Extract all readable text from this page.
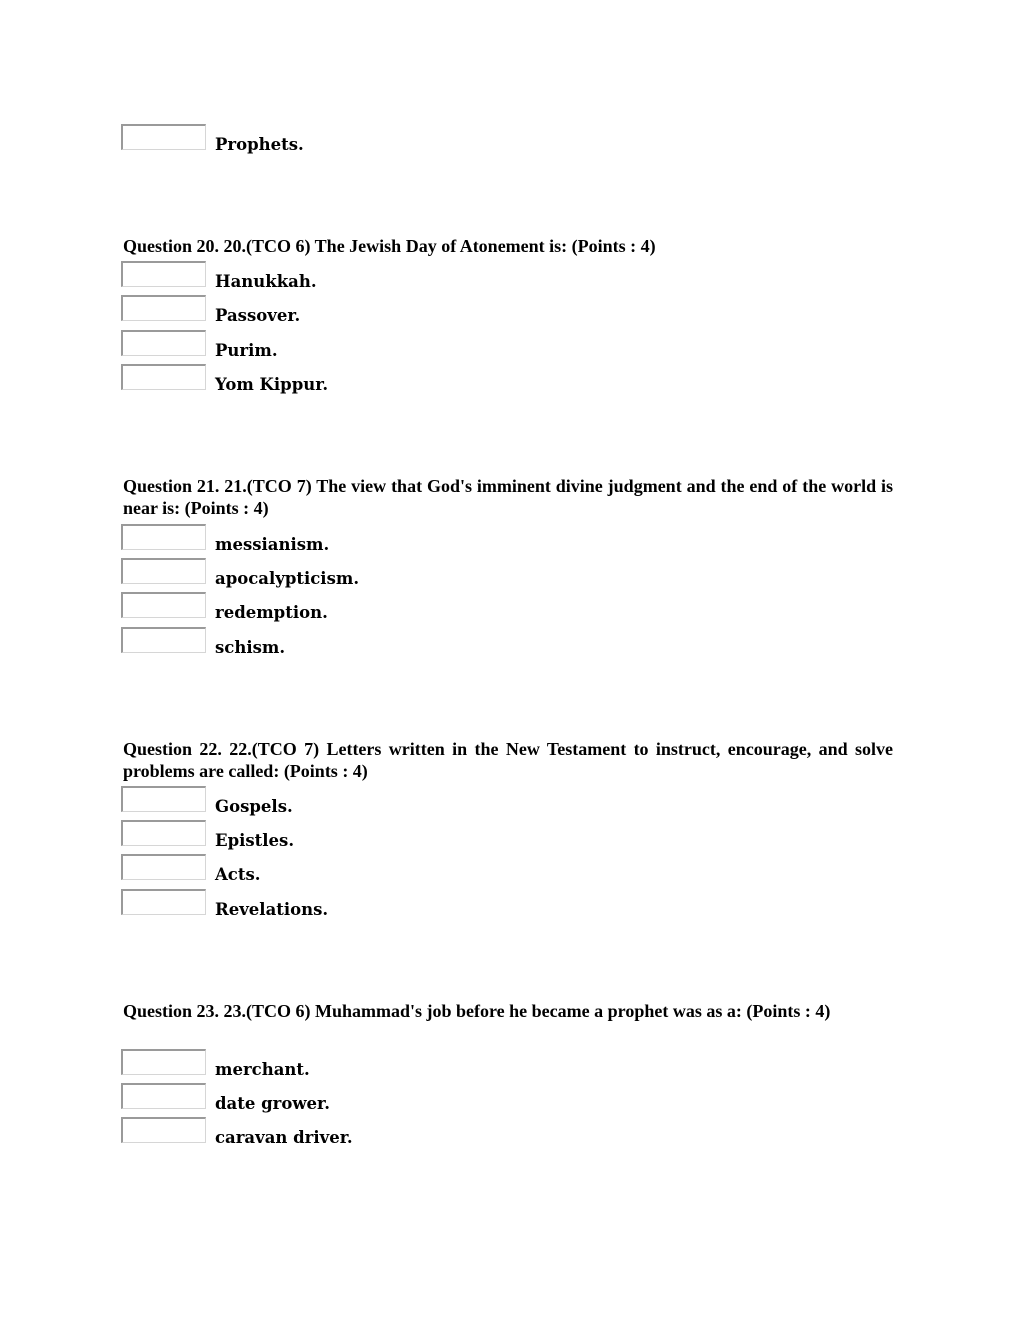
Prophets.
Question 20. 20.(TCO 6) The Jewish Day of Atonement is: (Points : 4)
Hanukkah.
Passover.
Purim.
Yom Kippur.
Question 21. 21.(TCO 7) The view that God's imminent divine judgment and the end of the world is near is: (Points : 4)
messianism.
apocalypticism.
redemption.
schism.
Question 22. 22.(TCO 7) Letters written in the New Testament to instruct, encourage, and solve problems are called: (Points : 4)
Gospels.
Epistles.
Acts.
Revelations.
Question 23. 23.(TCO 6) Muhammad's job before he became a prophet was as a: (Points : 4)
merchant.
date grower.
caravan driver.
